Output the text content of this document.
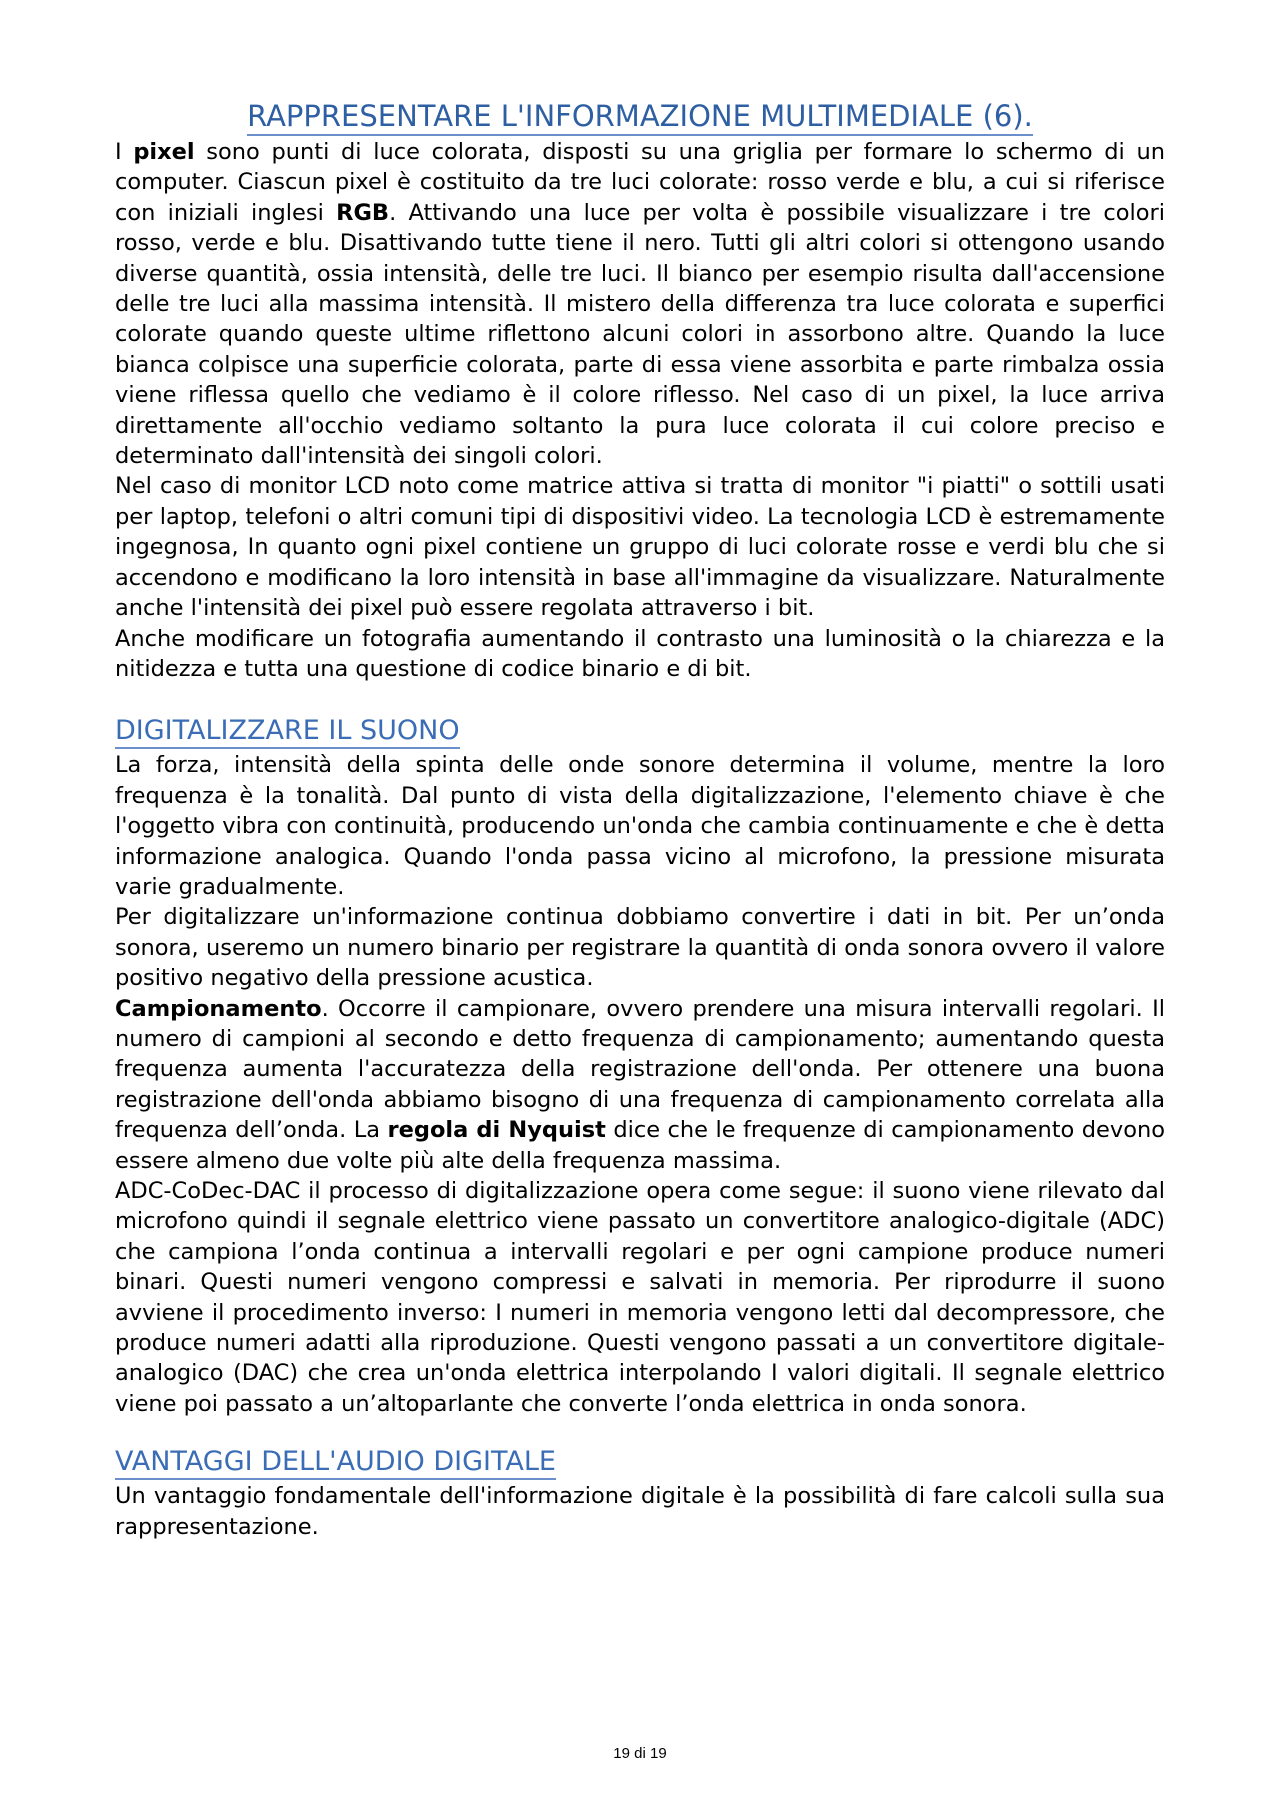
RAPPRESENTARE L'INFORMAZIONE MULTIMEDIALE (6).

I pixel sono punti di luce colorata, disposti su una griglia per formare lo schermo di un computer. Ciascun pixel è costituito da tre luci colorate: rosso verde e blu, a cui si riferisce con iniziali inglesi RGB. Attivando una luce per volta è possibile visualizzare i tre colori rosso, verde e blu. Disattivando tutte tiene il nero. Tutti gli altri colori si ottengono usando diverse quantità, ossia intensità, delle tre luci. Il bianco per esempio risulta dall'accensione delle tre luci alla massima intensità. Il mistero della differenza tra luce colorata e superfici colorate quando queste ultime riflettono alcuni colori in assorbono altre. Quando la luce bianca colpisce una superficie colorata, parte di essa viene assorbita e parte rimbalza ossia viene riflessa quello che vediamo è il colore riflesso. Nel caso di un pixel, la luce arriva direttamente all'occhio vediamo soltanto la pura luce colorata il cui colore preciso e determinato dall'intensità dei singoli colori.

Nel caso di monitor LCD noto come matrice attiva si tratta di monitor "i piatti" o sottili usati per laptop, telefoni o altri comuni tipi di dispositivi video. La tecnologia LCD è estremamente ingegnosa, In quanto ogni pixel contiene un gruppo di luci colorate rosse e verdi blu che si accendono e modificano la loro intensità in base all'immagine da visualizzare. Naturalmente anche l'intensità dei pixel può essere regolata attraverso i bit.

Anche modificare un fotografia aumentando il contrasto una luminosità o la chiarezza e la nitidezza e tutta una questione di codice binario e di bit.

DIGITALIZZARE IL SUONO

La forza, intensità della spinta delle onde sonore determina il volume, mentre la loro frequenza è la tonalità. Dal punto di vista della digitalizzazione, l'elemento chiave è che l'oggetto vibra con continuità, producendo un'onda che cambia continuamente e che è detta informazione analogica. Quando l'onda passa vicino al microfono, la pressione misurata varie gradualmente.

Per digitalizzare un'informazione continua dobbiamo convertire i dati in bit. Per un’onda sonora, useremo un numero binario per registrare la quantità di onda sonora ovvero il valore positivo negativo della pressione acustica.

Campionamento. Occorre il campionare, ovvero prendere una misura intervalli regolari. Il numero di campioni al secondo e detto frequenza di campionamento; aumentando questa frequenza aumenta l'accuratezza della registrazione dell'onda. Per ottenere una buona registrazione dell'onda abbiamo bisogno di una frequenza di campionamento correlata alla frequenza dell’onda. La regola di Nyquist dice che le frequenze di campionamento devono essere almeno due volte più alte della frequenza massima.

ADC-CoDec-DAC il processo di digitalizzazione opera come segue: il suono viene rilevato dal microfono quindi il segnale elettrico viene passato un convertitore analogico-digitale (ADC) che campiona l’onda continua a intervalli regolari e per ogni campione produce numeri binari. Questi numeri vengono compressi e salvati in memoria. Per riprodurre il suono avviene il procedimento inverso: I numeri in memoria vengono letti dal decompressore, che produce numeri adatti alla riproduzione. Questi vengono passati a un convertitore digitale-analogico (DAC) che crea un'onda elettrica interpolando I valori digitali. Il segnale elettrico viene poi passato a un’altoparlante che converte l’onda elettrica in onda sonora.

VANTAGGI DELL'AUDIO DIGITALE

Un vantaggio fondamentale dell'informazione digitale è la possibilità di fare calcoli sulla sua rappresentazione.

19 di 19
